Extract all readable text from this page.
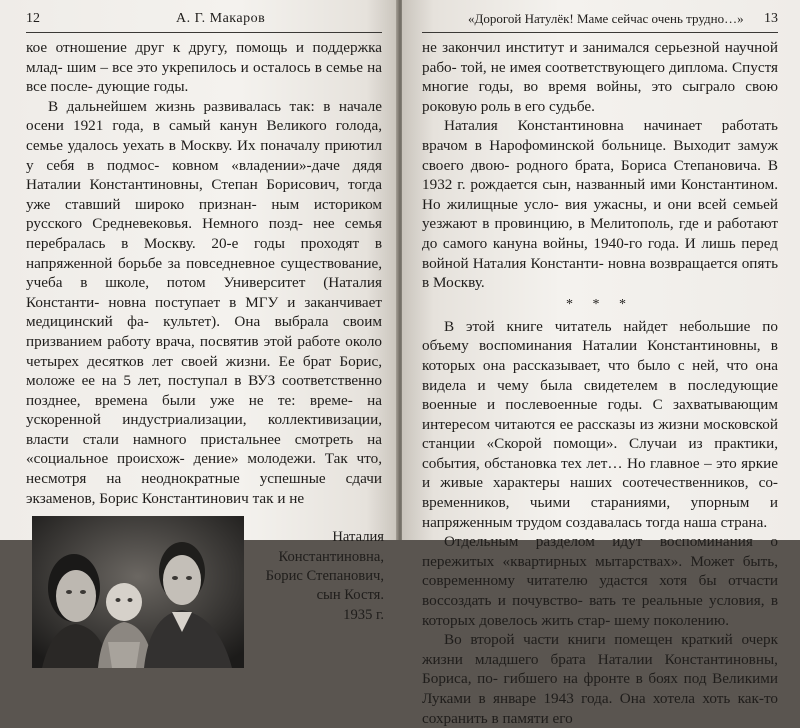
12	А. Г. Макаров

кое отношение друг к другу, помощь и поддержка млад- шим – все это укрепилось и осталось в семье на все после- дующие годы.

В дальнейшем жизнь развивалась так: в начале осени 1921 года, в самый канун Великого голода, семье удалось уехать в Москву. Их поначалу приютил у себя в подмос- ковном «владении»-даче дядя Наталии Константиновны, Степан Борисович, тогда уже ставший широко признан- ным историком русского Средневековья. Немного позд- нее семья перебралась в Москву. 20-е годы проходят в напряженной борьбе за повседневное существование, учеба в школе, потом Университет (Наталия Константи- новна поступает в МГУ и заканчивает медицинский фа- культет). Она выбрала своим призванием работу врача, посвятив этой работе около четырех десятков лет своей жизни. Ее брат Борис, моложе ее на 5 лет, поступал в ВУЗ соответственно позднее, времена были уже не те: време- на ускоренной индустриализации, коллективизации, власти стали намного пристальнее смотреть на «социальное происхож- дение» молодежи. Так что, несмотря на неоднократные успешные сдачи экзаменов, Борис Константинович так и не

Наталия
Константиновна,
Борис Степанович,
сын Костя.
1935 г.
«Дорогой Натулёк! Маме сейчас очень трудно…» 13

не закончил институт и занимался серьезной научной рабо- той, не имея соответствующего диплома. Спустя многие годы, во время войны, это сыграло свою роковую роль в его судьбе.

Наталия Константиновна начинает работать врачом в Нарофоминской больнице. Выходит замуж своего двою- родного брата, Бориса Степановича. В 1932 г. рождается сын, названный ими Константином. Но жилищные усло- вия ужасны, и они всей семьей уезжают в провинцию, в Мелитополь, где и работают до самого кануна войны, 1940-го года. И лишь перед войной Наталия Константи- новна возвращается опять в Москву.

* * *

В этой книге читатель найдет небольшие по объему воспоминания Наталии Константиновны, в которых она рассказывает, что было с ней, что она видела и чему была свидетелем в последующие военные и послевоенные годы. С захватывающим интересом читаются ее рассказы из жизни московской станции «Скорой помощи». Случаи из практики, события, обстановка тех лет… Но главное – это яркие и живые характеры наших соотечественников, со- временников, чьими стараниями, упорным и напряженным трудом создавалась тогда наша страна.

Отдельным разделом идут воспоминания о пережитых «квартирных мытарствах». Может быть, современному читателю удастся хотя бы отчасти воссоздать и почувство- вать те реальные условия, в которых довелось жить стар- шему поколению.

Во второй части книги помещен краткий очерк жизни младшего брата Наталии Константиновны, Бориса, по- гибшего на фронте в боях под Великими Луками в январе 1943 года. Она хотела хоть как-то сохранить в памяти его
